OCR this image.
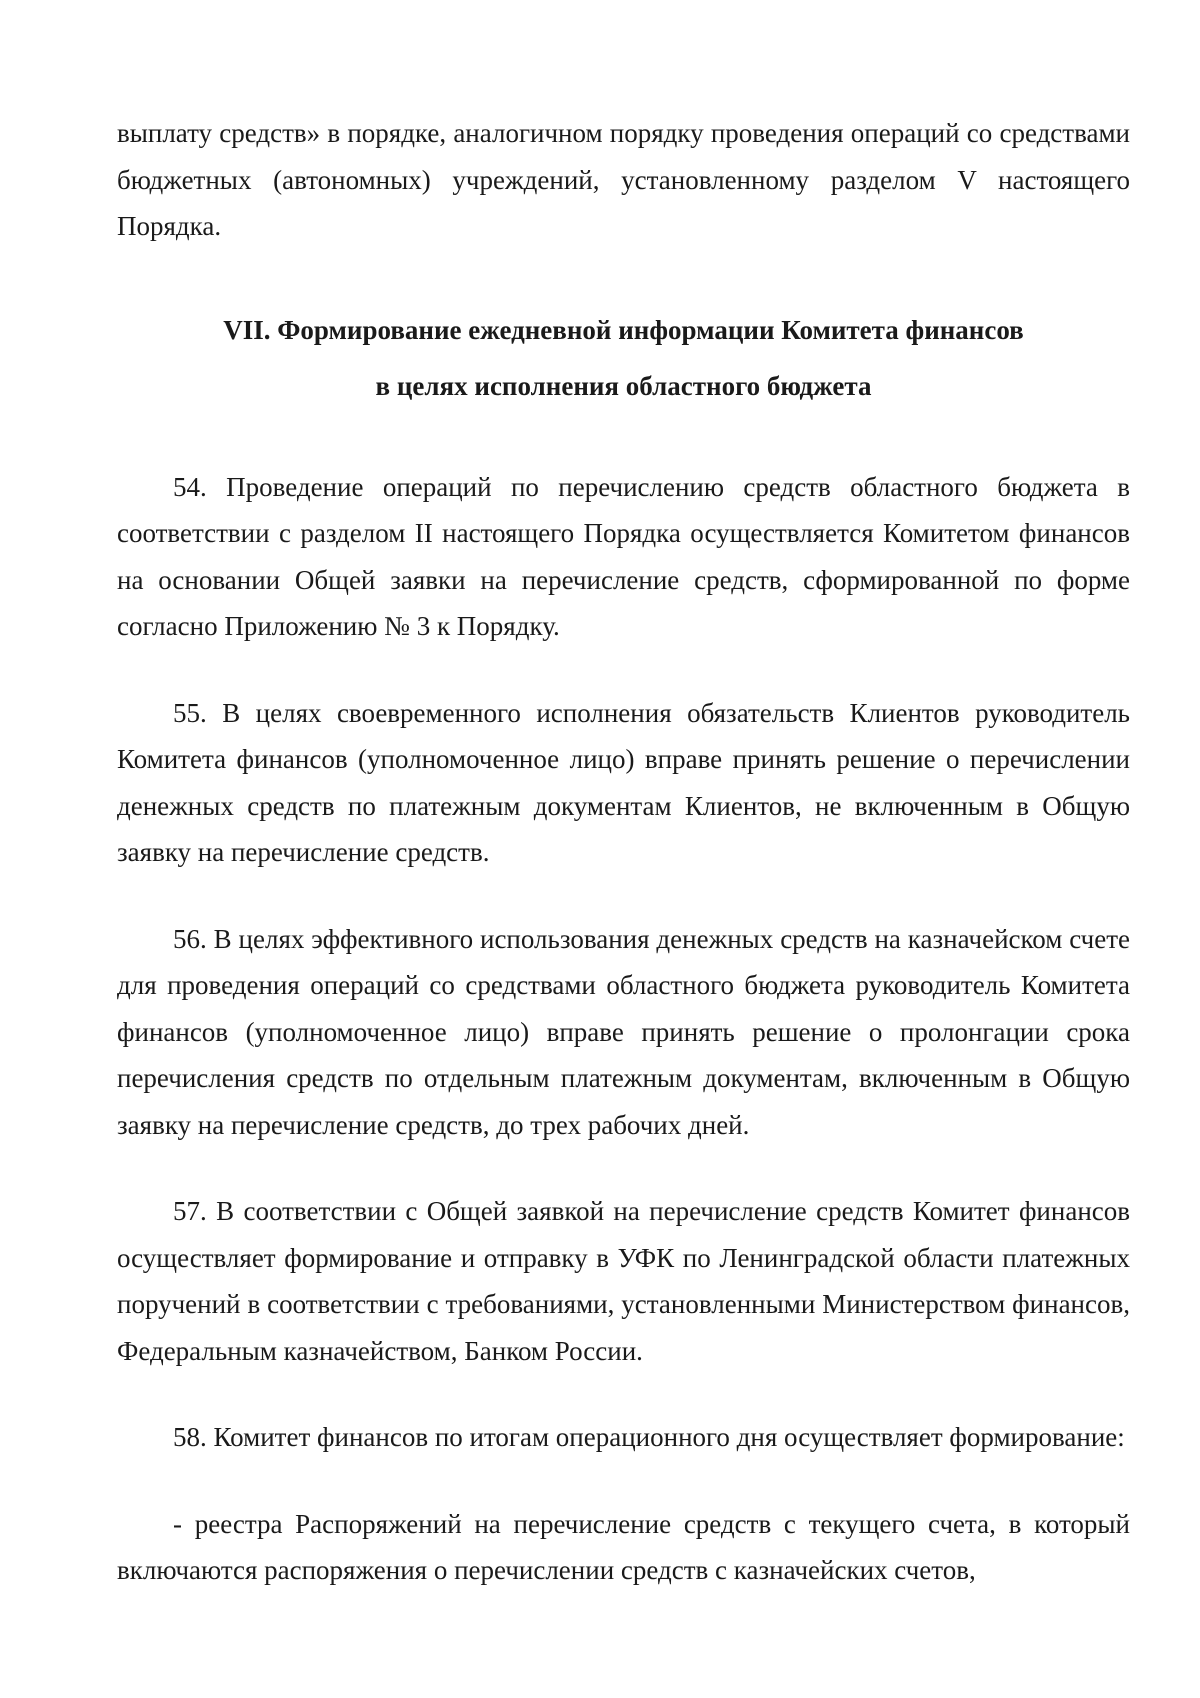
выплату средств» в порядке, аналогичном порядку проведения операций со средствами бюджетных (автономных) учреждений, установленному разделом V настоящего Порядка.

VII. Формирование ежедневной информации Комитета финансов

в целях исполнения областного бюджета

54. Проведение операций по перечислению средств областного бюджета в соответствии с разделом II настоящего Порядка осуществляется Комитетом финансов на основании Общей заявки на перечисление средств, сформированной по форме согласно Приложению № 3 к Порядку.

55. В целях своевременного исполнения обязательств Клиентов руководитель Комитета финансов (уполномоченное лицо) вправе принять решение о перечислении денежных средств по платежным документам Клиентов, не включенным в Общую заявку на перечисление средств.

56. В целях эффективного использования денежных средств на казначейском счете для проведения операций со средствами областного бюджета руководитель Комитета финансов (уполномоченное лицо) вправе принять решение о пролонгации срока перечисления средств по отдельным платежным документам, включенным в Общую заявку на перечисление средств, до трех рабочих дней.

57. В соответствии с Общей заявкой на перечисление средств Комитет финансов осуществляет формирование и отправку в УФК по Ленинградской области платежных поручений в соответствии с требованиями, установленными Министерством финансов, Федеральным казначейством, Банком России.

58. Комитет финансов по итогам операционного дня осуществляет формирование:

- реестра Распоряжений на перечисление средств с текущего счета, в который включаются распоряжения о перечислении средств с казначейских счетов,
